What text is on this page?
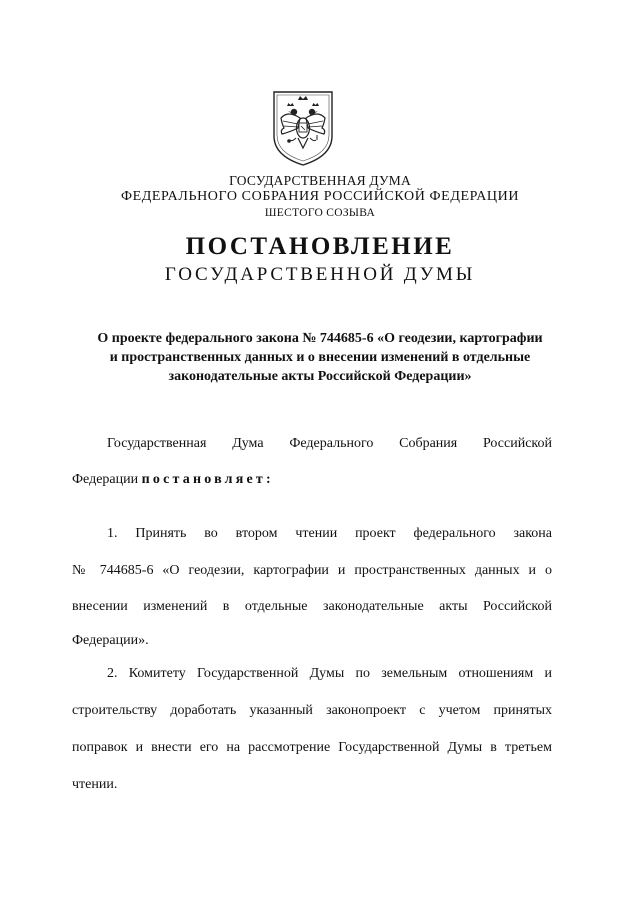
ГОСУДАРСТВЕННАЯ ДУМА
ФЕДЕРАЛЬНОГО СОБРАНИЯ РОССИЙСКОЙ ФЕДЕРАЦИИ
ШЕСТОГО СОЗЫВА
ПОСТАНОВЛЕНИЕ
ГОСУДАРСТВЕННОЙ ДУМЫ
О проекте федерального закона № 744685-6 «О геодезии, картографии
и пространственных данных и о внесении изменений в отдельные
законодательные акты Российской Федерации»
Государственная Дума Федерального Собрания Российской
Федерации постановляет:
1. Принять во втором чтении проект федерального закона
№ 744685-6 «О геодезии, картографии и пространственных данных и о
внесении изменений в отдельные законодательные акты Российской
Федерации».
2. Комитету Государственной Думы по земельным отношениям и
строительству доработать указанный законопроект с учетом принятых
поправок и внести его на рассмотрение Государственной Думы в третьем
чтении.
